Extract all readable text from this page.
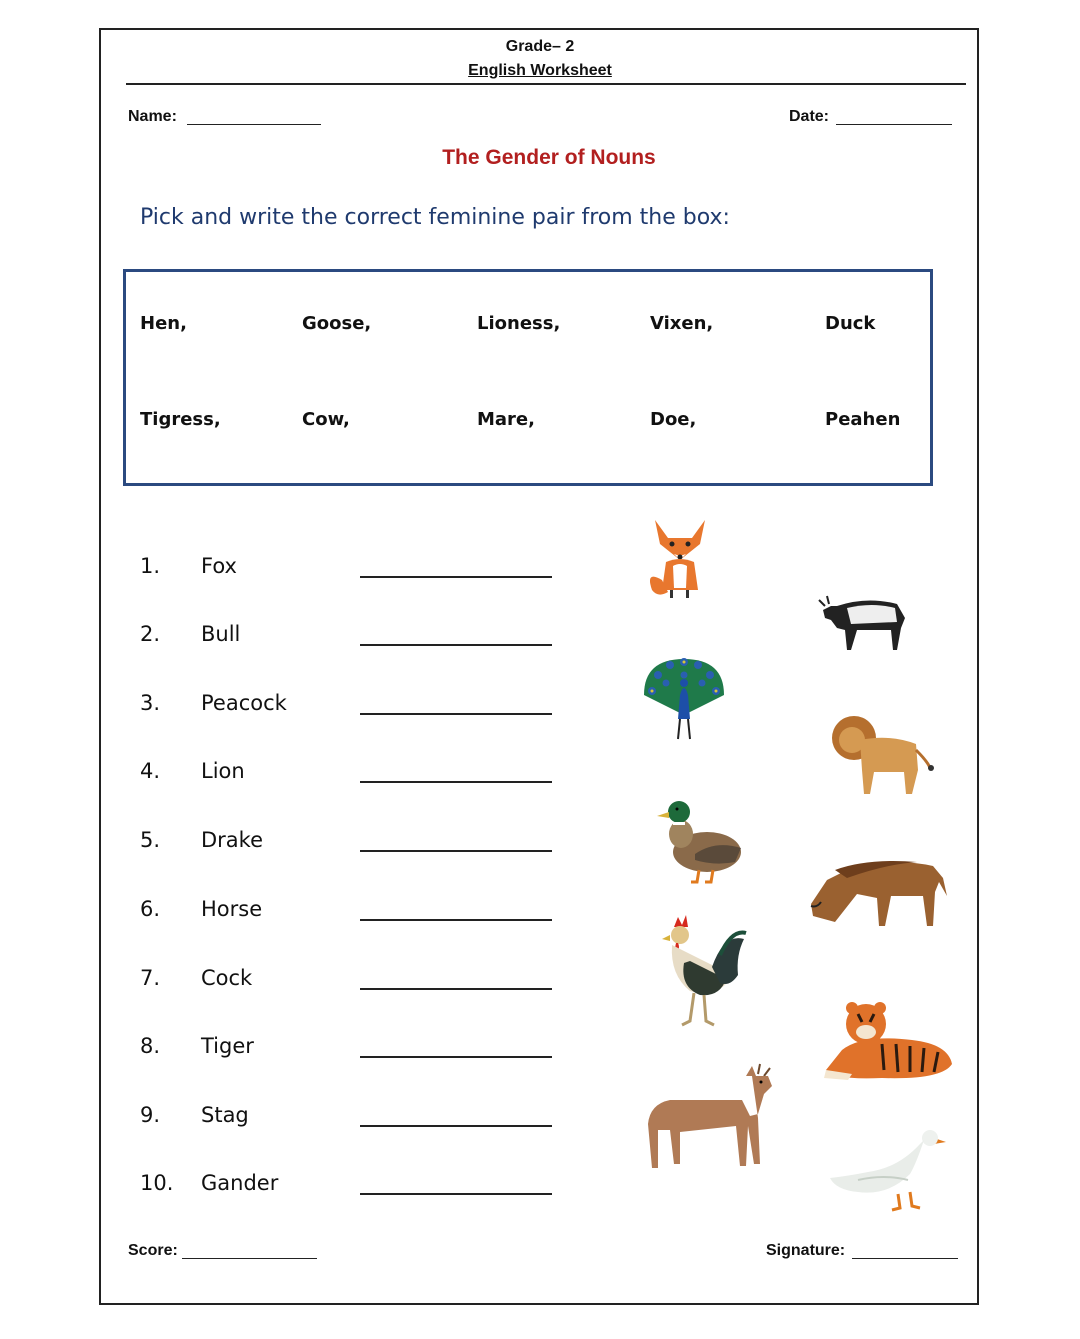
Grade– 2
English Worksheet
Name:	Date:
The Gender of Nouns
Pick and write the correct feminine pair from the box:
Hen,	Goose,	Lioness,	Vixen,	Duck
Tigress,	Cow,	Mare,	Doe,	Peahen
1. Fox
2. Bull
3. Peacock
4. Lion
5. Drake
6. Horse
7. Cock
8. Tiger
9. Stag
10. Gander
Score:	Signature:
